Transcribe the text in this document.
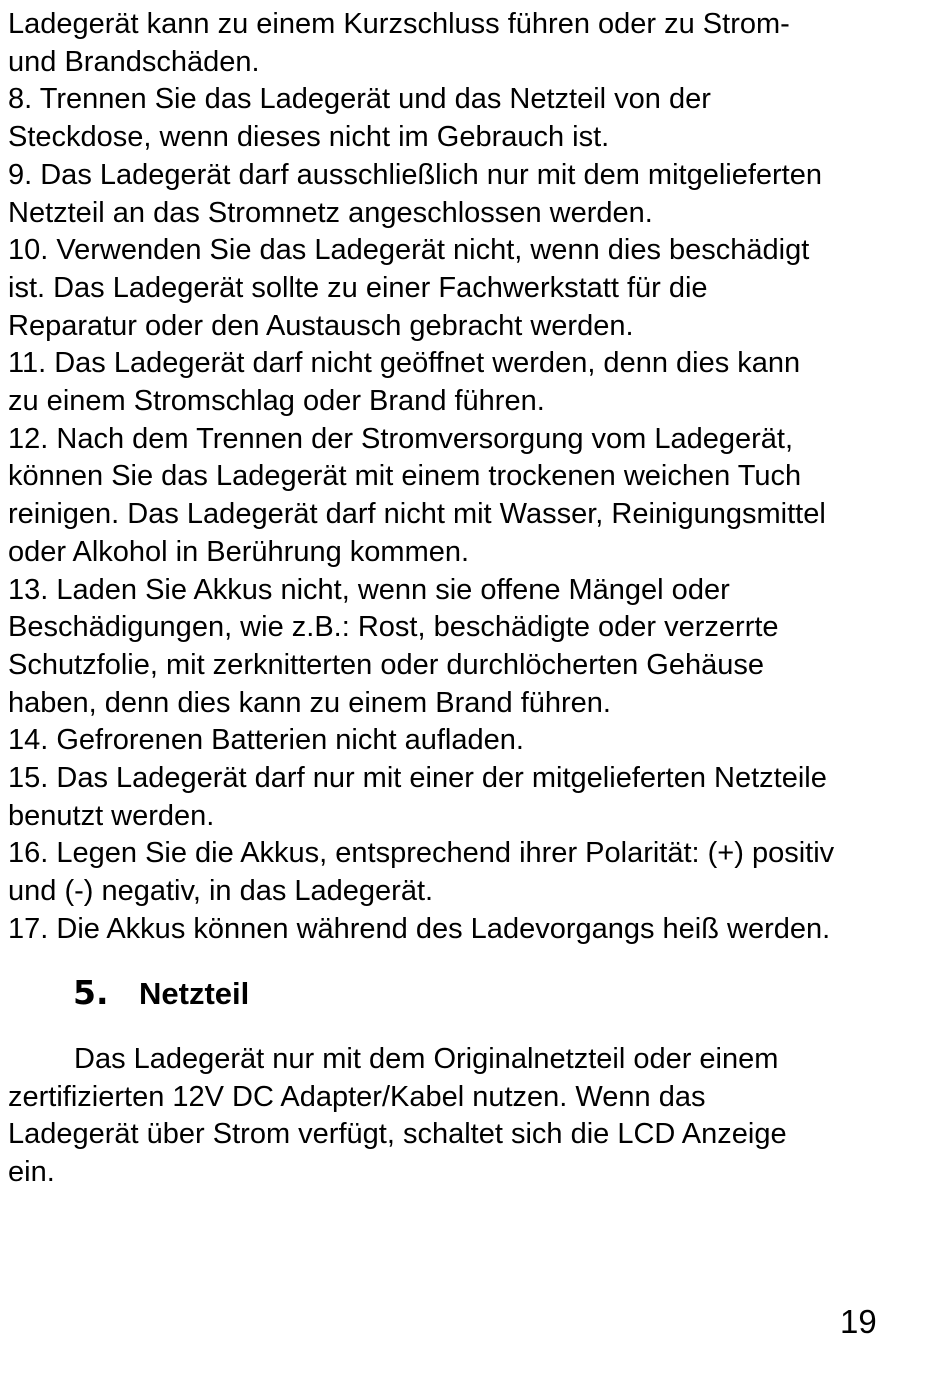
Ladegerät kann zu einem Kurzschluss führen oder zu Strom-
und Brandschäden.
8. Trennen Sie das Ladegerät und das Netzteil von der
Steckdose, wenn dieses nicht im Gebrauch ist.
9. Das Ladegerät darf ausschließlich nur mit dem mitgelieferten
Netzteil an das Stromnetz angeschlossen werden.
10. Verwenden Sie das Ladegerät nicht, wenn dies beschädigt
ist. Das Ladegerät sollte zu einer Fachwerkstatt für die
Reparatur oder den Austausch gebracht werden.
11. Das Ladegerät darf nicht geöffnet werden, denn dies kann
zu einem Stromschlag oder Brand führen.
12. Nach dem Trennen der Stromversorgung vom Ladegerät,
können Sie das Ladegerät mit einem trockenen weichen Tuch
reinigen. Das Ladegerät darf nicht mit Wasser, Reinigungsmittel
oder Alkohol in Berührung kommen.
13. Laden Sie Akkus nicht, wenn sie offene Mängel oder
Beschädigungen, wie z.B.: Rost, beschädigte oder verzerrte
Schutzfolie, mit zerknitterten oder durchlöcherten Gehäuse
haben, denn dies kann zu einem Brand führen.
14. Gefrorenen Batterien nicht aufladen.
15. Das Ladegerät darf nur mit einer der mitgelieferten Netzteile
benutzt werden.
16. Legen Sie die Akkus, entsprechend ihrer Polarität: (+) positiv
und (-) negativ, in das Ladegerät.
17. Die Akkus können während des Ladevorgangs heiß werden.
5. Netzteil
Das Ladegerät nur mit dem Originalnetzteil oder einem
zertifizierten 12V DC Adapter/Kabel nutzen. Wenn das
Ladegerät über Strom verfügt, schaltet sich die LCD Anzeige
ein.
19
